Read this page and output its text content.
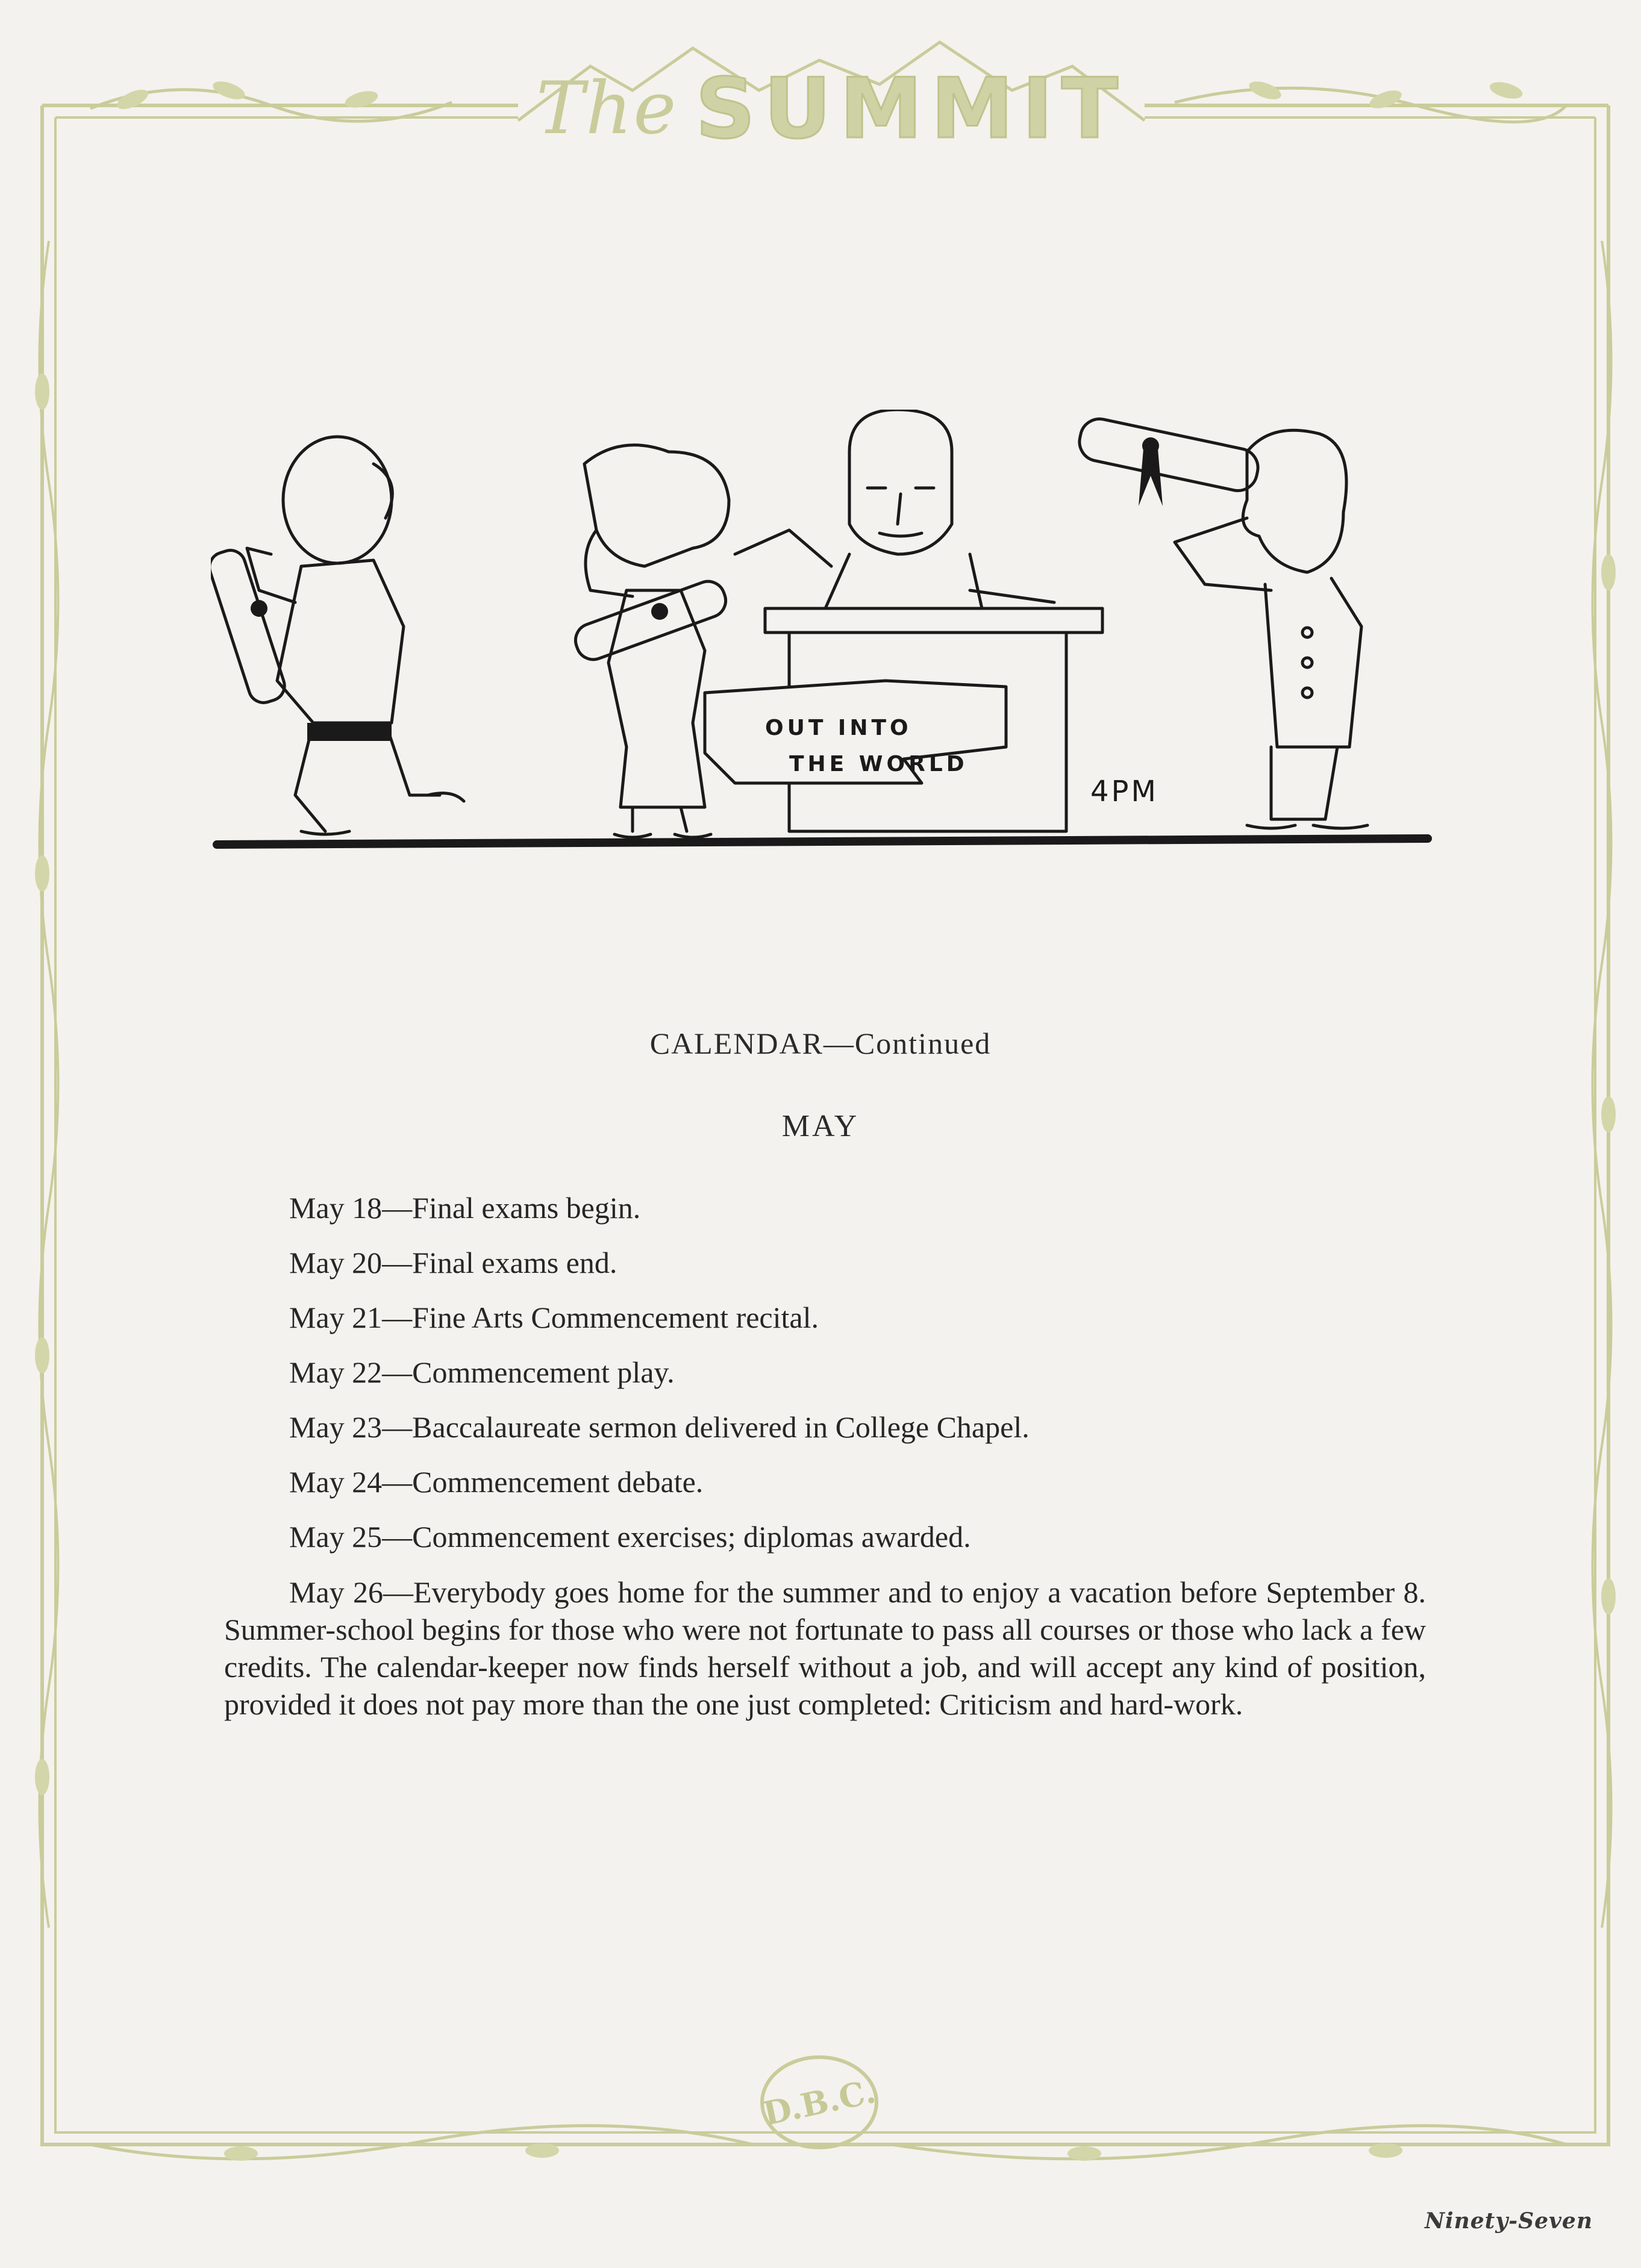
The SUMMIT
OUT INTO
THE WORLD
4PM
CALENDAR—Continued
MAY
May 18—Final exams begin.
May 20—Final exams end.
May 21—Fine Arts Commencement recital.
May 22—Commencement play.
May 23—Baccalaureate sermon delivered in College Chapel.
May 24—Commencement debate.
May 25—Commencement exercises; diplomas awarded.

May 26—Everybody goes home for the summer and to enjoy a vacation before September 8. Summer-school begins for those who were not fortunate to pass all courses or those who lack a few credits. The calendar-keeper now finds herself without a job, and will accept any kind of position, provided it does not pay more than the one just completed: Criticism and hard-work.

D.B.C.
Ninety-Seven
